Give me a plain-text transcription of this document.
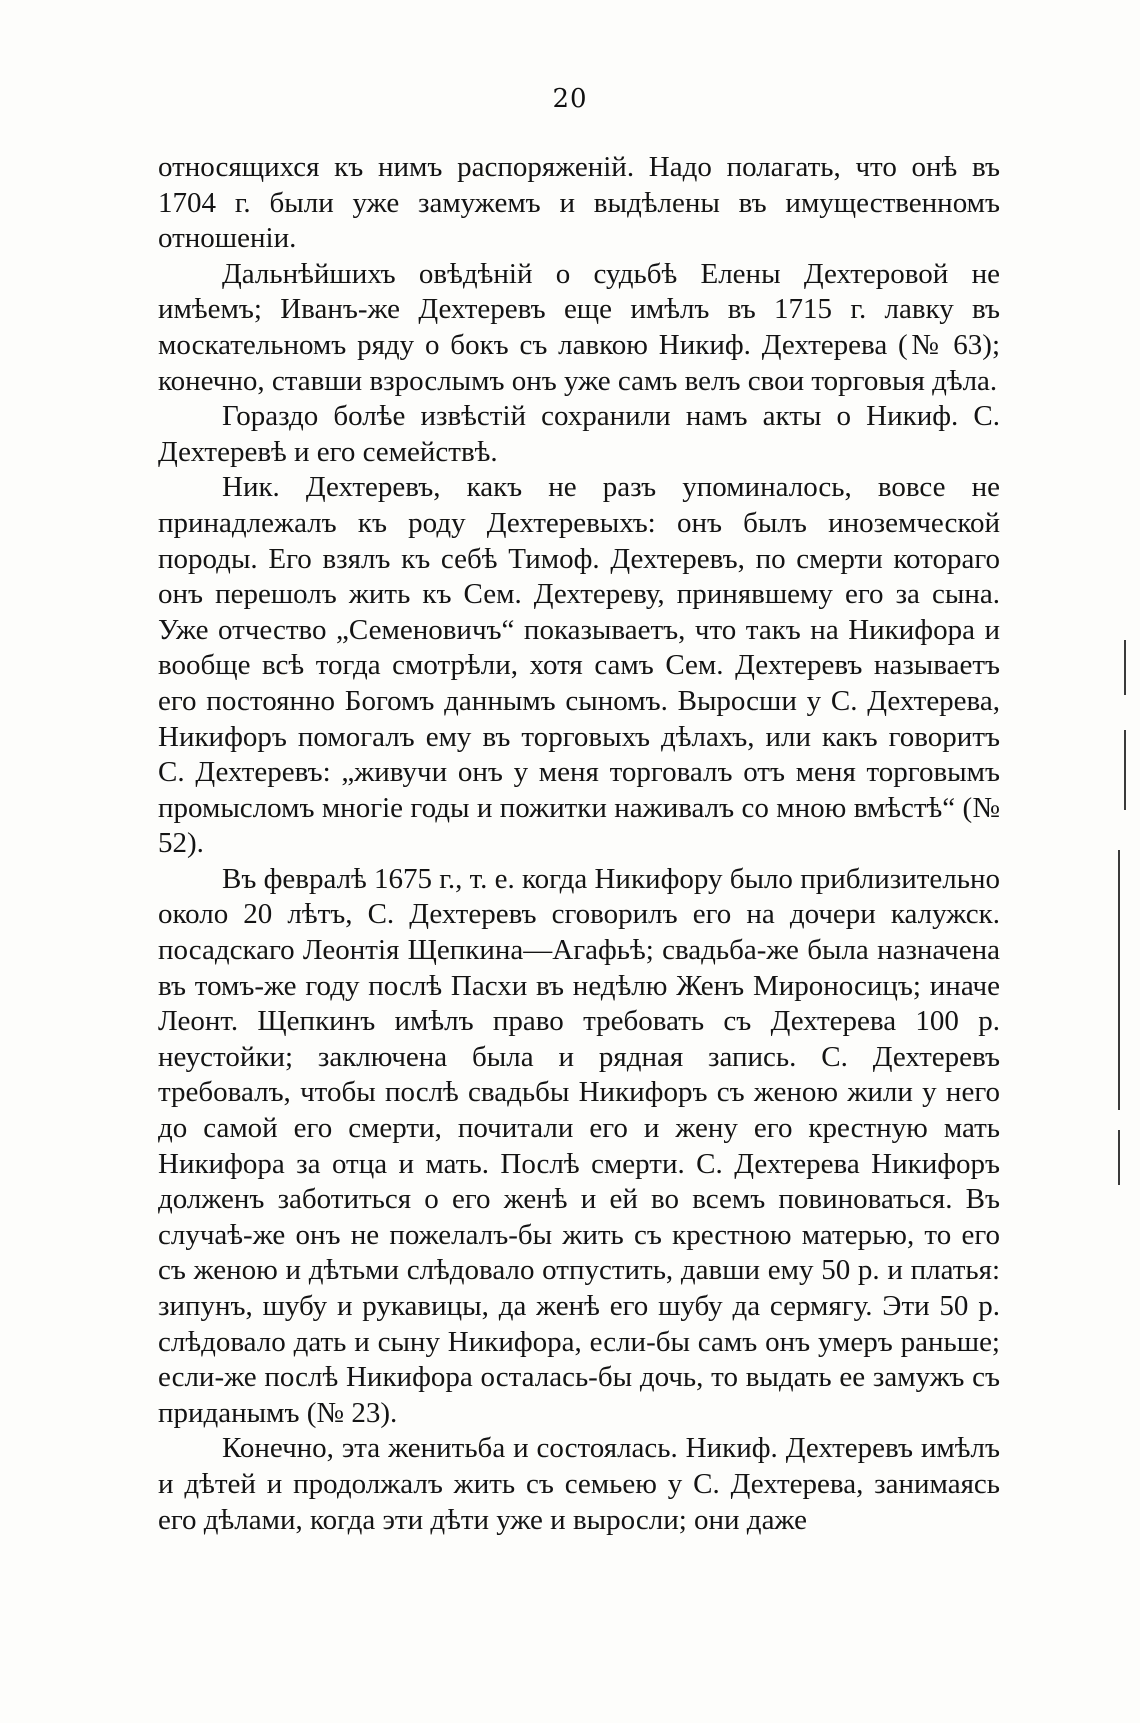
20

относящихся къ нимъ распоряженій. Надо полагать, что онѣ въ 1704 г. были уже замужемъ и выдѣлены въ имущественномъ отношеніи.

Дальнѣйшихъ овѣдѣній о судьбѣ Елены Дехтеровой не имѣемъ; Иванъ-же Дехтеревъ еще имѣлъ въ 1715 г. лавку въ москательномъ ряду о бокъ съ лавкою Никиф. Дехтерева (№ 63); конечно, ставши взрослымъ онъ уже самъ велъ свои торговыя дѣла.

Гораздо болѣе извѣстій сохранили намъ акты о Никиф. С. Дехтеревѣ и его семействѣ.

Ник. Дехтеревъ, какъ не разъ упоминалось, вовсе не принадлежалъ къ роду Дехтеревыхъ: онъ былъ иноземческой породы. Его взялъ къ себѣ Тимоф. Дехтеревъ, по смерти котораго онъ перешолъ жить къ Сем. Дехтереву, принявшему его за сына. Уже отчество „Семеновичъ“ показываетъ, что такъ на Никифора и вообще всѣ тогда смотрѣли, хотя самъ Сем. Дехтеревъ называетъ его постоянно Богомъ даннымъ сыномъ. Выросши у С. Дехтерева, Никифоръ помогалъ ему въ торговыхъ дѣлахъ, или какъ говоритъ С. Дехтеревъ: „живучи онъ у меня торговалъ отъ меня торговымъ промысломъ многіе годы и пожитки наживалъ со мною вмѣстѣ“ (№ 52).

Въ февралѣ 1675 г., т. е. когда Никифору было приблизительно около 20 лѣтъ, С. Дехтеревъ сговорилъ его на дочери калужск. посадскаго Леонтія Щепкина—Агафьѣ; свадьба-же была назначена въ томъ-же году послѣ Пасхи въ недѣлю Женъ Мироносицъ; иначе Леонт. Щепкинъ имѣлъ право требовать съ Дехтерева 100 р. неустойки; заключена была и рядная запись. С. Дехтеревъ требовалъ, чтобы послѣ свадьбы Никифоръ съ женою жили у него до самой его смерти, почитали его и жену его крестную мать Никифора за отца и мать. Послѣ смерти. С. Дехтерева Никифоръ долженъ заботиться о его женѣ и ей во всемъ повиноваться. Въ случаѣ-же онъ не пожелалъ-бы жить съ крестною матерью, то его съ женою и дѣтьми слѣдовало отпустить, давши ему 50 р. и платья: зипунъ, шубу и рукавицы, да женѣ его шубу да сермягу. Эти 50 р. слѣдовало дать и сыну Никифора, если-бы самъ онъ умеръ раньше; если-же послѣ Никифора осталась-бы дочь, то выдать ее замужъ съ приданымъ (№ 23).

Конечно, эта женитьба и состоялась. Никиф. Дехтеревъ имѣлъ и дѣтей и продолжалъ жить съ семьею у С. Дехтерева, занимаясь его дѣлами, когда эти дѣти уже и выросли; они даже
